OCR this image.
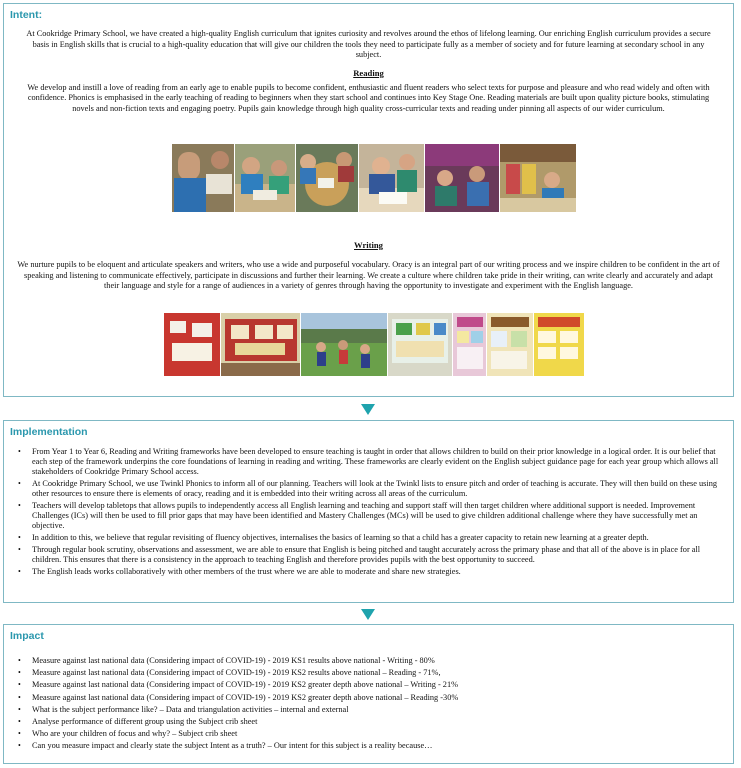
Intent:

At Cookridge Primary School, we have created a high-quality English curriculum that ignites curiosity and revolves around the ethos of lifelong learning. Our enriching English curriculum provides a secure basis in English skills that is crucial to a high-quality education that will give our children the tools they need to participate fully as a member of society and for future learning at secondary school in any subject.

Reading

We develop and instill a love of reading from an early age to enable pupils to become confident, enthusiastic and fluent readers who select texts for purpose and pleasure and who read widely and often with confidence. Phonics is emphasised in the early teaching of reading to beginners when they start school and continues into Key Stage One. Reading materials are built upon quality picture books, stimulating novels and non-fiction texts and engaging poetry. Pupils gain knowledge through high quality cross-curricular texts and reading under pinning all aspects of our wider curriculum.

Writing

We nurture pupils to be eloquent and articulate speakers and writers, who use a wide and purposeful vocabulary. Oracy is an integral part of our writing process and we inspire children to be confident in the art of speaking and listening to communicate effectively, participate in discussions and further their learning. We create a culture where children take pride in their writing, can write clearly and accurately and adapt their language and style for a range of audiences in a variety of genres through having the opportunity to investigate and experiment with the English language.

Implementation
• From Year 1 to Year 6, Reading and Writing frameworks have been developed to ensure teaching is taught in order that allows children to build on their prior knowledge in a logical order. It is our belief that each step of the framework underpins the core foundations of learning in reading and writing. These frameworks are clearly evident on the English subject guidance page for each year group which allows all stakeholders of Cookridge Primary School access.
• At Cookridge Primary School, we use Twinkl Phonics to inform all of our planning. Teachers will look at the Twinkl lists to ensure pitch and order of teaching is accurate. They will then build on these using other resources to ensure there is elements of oracy, reading and it is embedded into their writing across all areas of the curriculum.
• Teachers will develop tabletops that allows pupils to independently access all English learning and teaching and support staff will then target children where additional support is needed. Improvement Challenges (ICs) will then be used to fill prior gaps that may have been identified and Mastery Challenges (MCs) will be used to give children additional challenge where they have successfully met an objective.
• In addition to this, we believe that regular revisiting of fluency objectives, internalises the basics of learning so that a child has a greater capacity to retain new learning at a greater depth.
• Through regular book scrutiny, observations and assessment, we are able to ensure that English is being pitched and taught accurately across the primary phase and that all of the above is in place for all children. This ensures that there is a consistency in the approach to teaching English and therefore provides pupils with the best opportunity to succeed.
• The English leads works collaboratively with other members of the trust where we are able to moderate and share new strategies.
Impact
• Measure against last national data (Considering impact of COVID-19) - 2019 KS1 results above national - Writing - 80%
• Measure against last national data (Considering impact of COVID-19) - 2019 KS2 results above national – Reading - 71%,
• Measure against last national data (Considering impact of COVID-19) - 2019 KS2 greater depth above national – Writing - 21%
• Measure against last national data (Considering impact of COVID-19) - 2019 KS2 greater depth above national – Reading -30%
• What is the subject performance like? – Data and triangulation activities – internal and external
• Analyse performance of different group using the Subject crib sheet
• Who are your children of focus and why? – Subject crib sheet
• Can you measure impact and clearly state the subject Intent as a truth? – Our intent for this subject is a reality because…
